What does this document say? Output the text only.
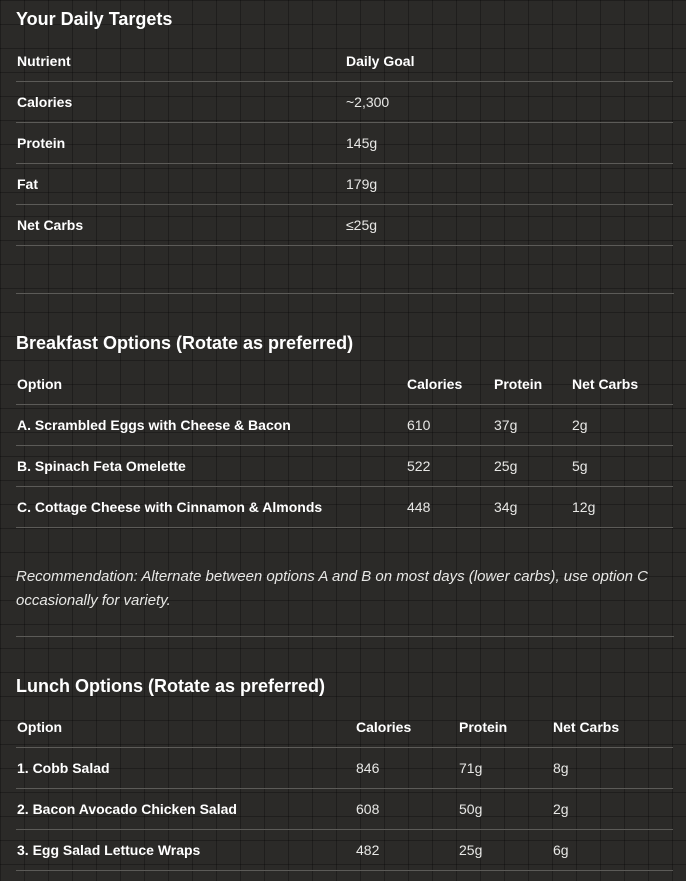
Your Daily Targets
Nutrient	Daily Goal
Calories	~2,300
Protein	145g
Fat	179g
Net Carbs	≤25g
Breakfast Options (Rotate as preferred)
Option	Calories	Protein	Net Carbs
A. Scrambled Eggs with Cheese & Bacon	610	37g	2g
B. Spinach Feta Omelette	522	25g	5g
C. Cottage Cheese with Cinnamon & Almonds	448	34g	12g

Recommendation: Alternate between options A and B on most days (lower carbs), use option C occasionally for variety.

Lunch Options (Rotate as preferred)
Option	Calories	Protein	Net Carbs
1. Cobb Salad	846	71g	8g
2. Bacon Avocado Chicken Salad	608	50g	2g
3. Egg Salad Lettuce Wraps	482	25g	6g
